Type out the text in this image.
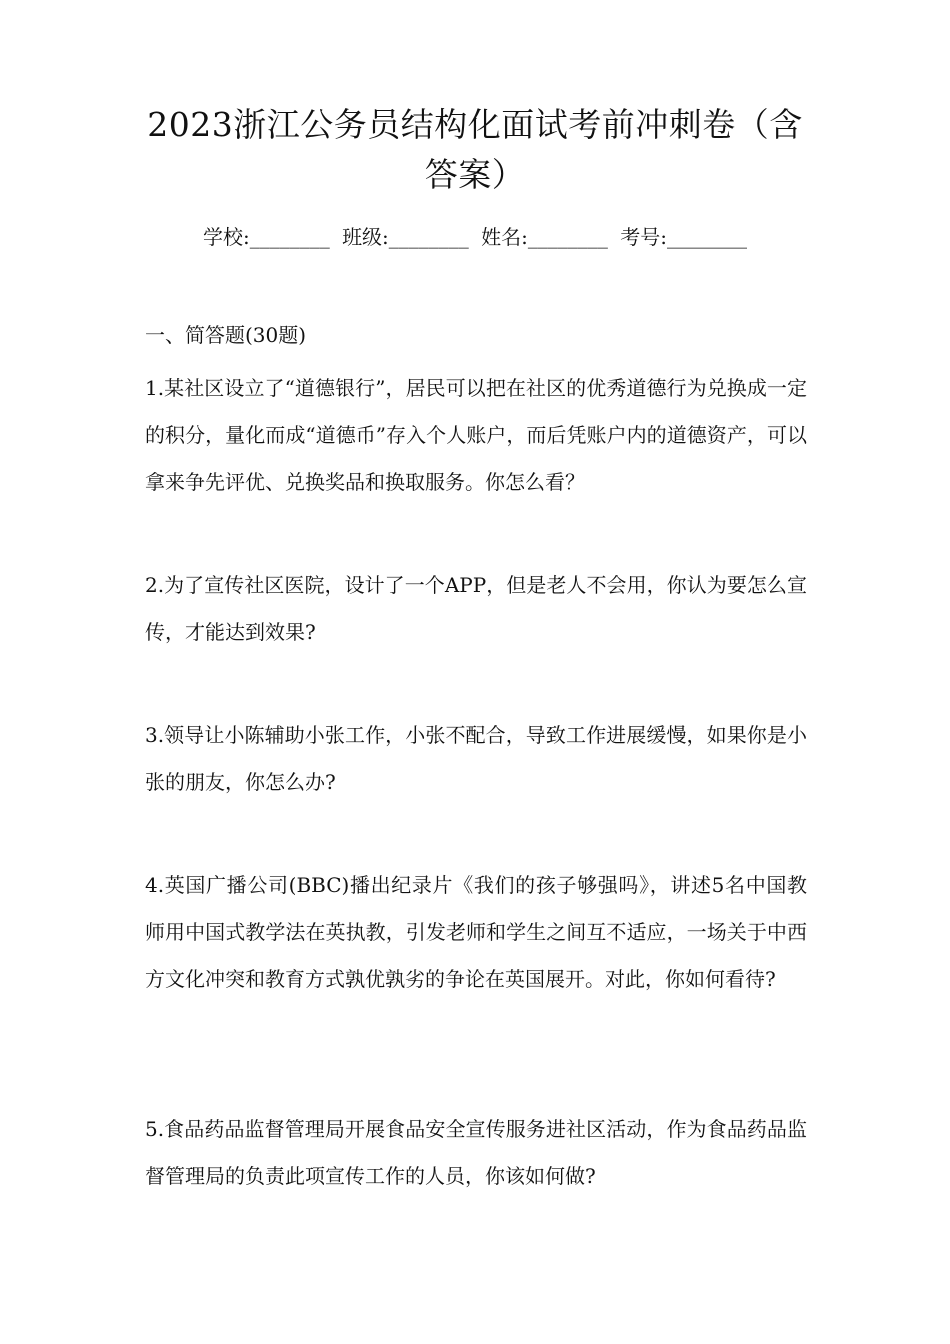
2023浙江公务员结构化面试考前冲刺卷（含
答案）
学校:________ 班级:________ 姓名:________ 考号:________
一、简答题(30题)
1.某社区设立了“道德银行”，居民可以把在社区的优秀道德行为兑换成一定的积分，量化而成“道德币”存入个人账户，而后凭账户内的道德资产，可以拿来争先评优、兑换奖品和换取服务。你怎么看？
2.为了宣传社区医院，设计了一个APP，但是老人不会用，你认为要怎么宣传，才能达到效果?
3.领导让小陈辅助小张工作，小张不配合，导致工作进展缓慢，如果你是小张的朋友，你怎么办?
4.英国广播公司(BBC)播出纪录片《我们的孩子够强吗》，讲述5名中国教师用中国式教学法在英执教，引发老师和学生之间互不适应，一场关于中西方文化冲突和教育方式孰优孰劣的争论在英国展开。对此，你如何看待?
5.食品药品监督管理局开展食品安全宣传服务进社区活动，作为食品药品监督管理局的负责此项宣传工作的人员，你该如何做?
